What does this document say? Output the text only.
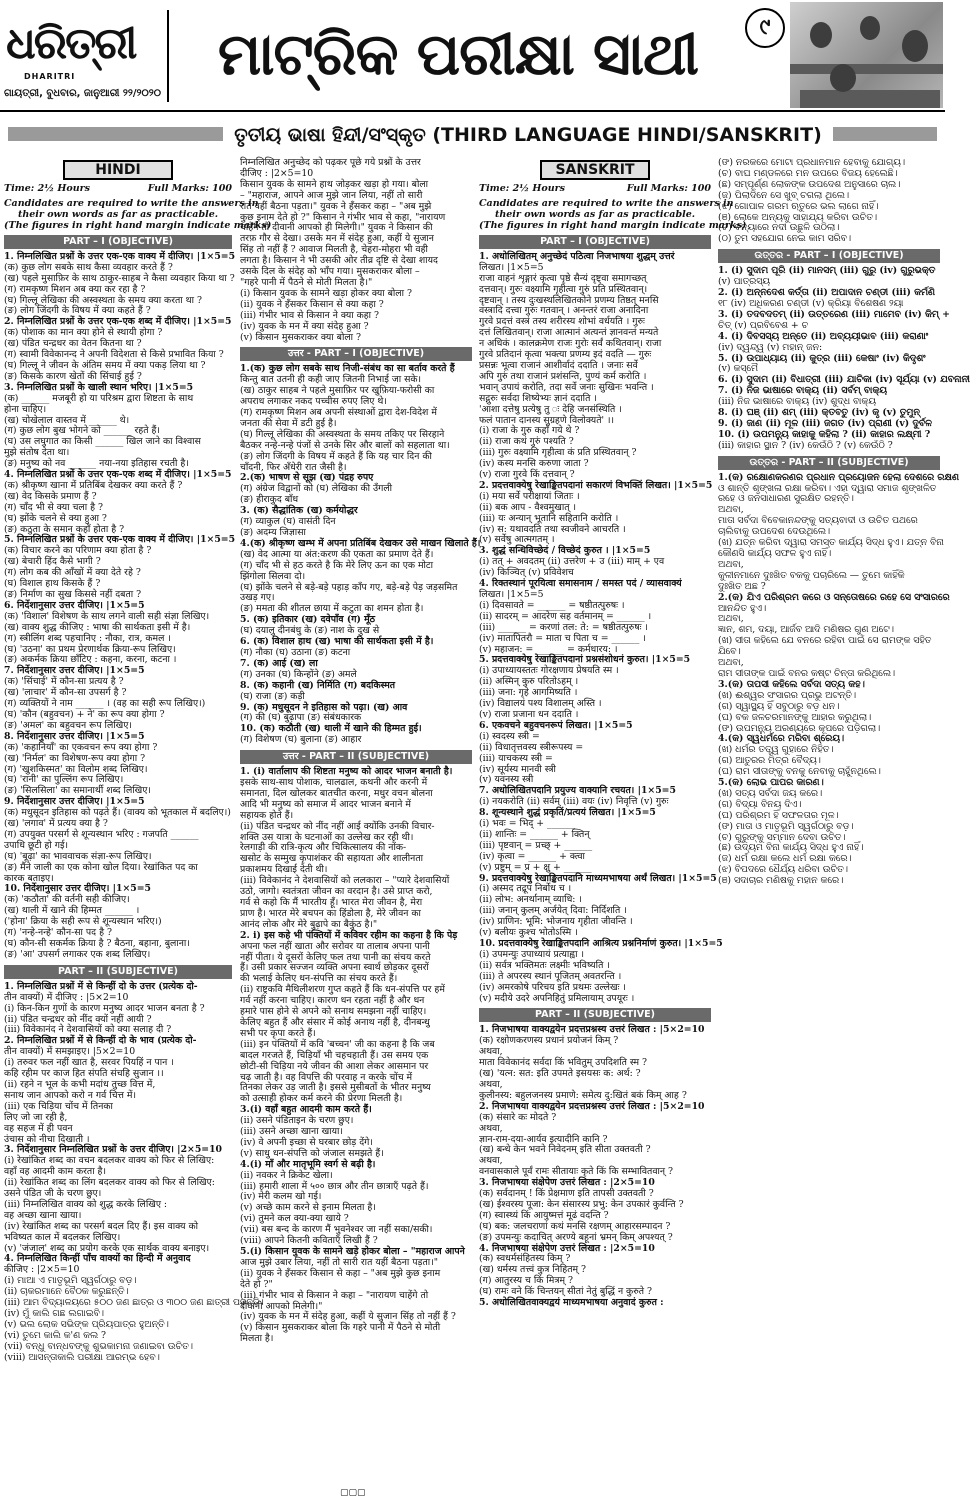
ଧରିତ୍ରୀ
DHARITRI
ଗାୟତ୍ରୀ, ବୁଧବାର, ଜାନୁଆରୀ ୨୨/୨୦୨୦
ମାଟ୍ରିକ ପରୀକ୍ଷା ସାଥୀ	୯
ତୃତୀୟ ଭାଷା ହିନ୍ଦୀ/ସଂସ୍କୃତ (THIRD LANGUAGE HINDI/SANSKRIT)
HINDI
Time: 2½ Hours	Full Marks: 100

Candidates are required to write the answers in

their own words as far as practicable.

(The figures in right hand margin indicate marks)

PART – I (OBJECTIVE)

1. निम्नलिखित प्रश्नों के उत्तर एक-एक वाक्य में दीजिए। |1×5=5

(क) कुछ लोग सबके साथ कैसा व्यवहार करते हैं ?

(ख) पहले मुसाफ़िर के साथ ठाकुर-साहब ने कैसा व्यवहार किया था ?

(ग) रामकृष्ण मिशन अब क्या कर रहा है ?

(घ) गिल्लू लेखिका की अस्वस्थता के समय क्या करता था ?

(ङ) लोग जिंदगी के विषय में क्या कहते हैं ?

2. निम्नलिखित प्रश्नों के उत्तर एक-एक शब्द में दीजिए। |1×5=5

(क) पोशाक का मान क्या होने से स्थायी होगा ?

(ख) पंडित चन्द्रधर का वेतन कितना था ?

(ग) स्वामी विवेकानन्द ने अपनी विदेशता से किसे प्रभावित किया ?

(घ) गिल्लू ने जीवन के अंतिम समय में क्या पकड़ लिया था ?

(ङ) किसके कारण खेतों की सिंचाई हुई ?

3. निम्नलिखित प्रश्नों के खाली स्थान भरिए। |1×5=5

(क) ______ मजबूरी हो या परिश्रम द्वारा शिष्टता के साथ

होना चाहिए।

(ख) चोखेलाल वास्तव में ______ थे।

(ग) कुछ लोग बुख भोगने को ______ रहते हैं।

(घ) उस लघुगात का किसी ______ खिल जाने का विश्वास

मुझे संतोष देता था।

(ङ) मनुष्य को नव ______ नया-नया इतिहास रचती है।

4. निम्नलिखित प्रश्नों के उत्तर एक-एक शब्द में दीजिए। |1×5=5

(क) श्रीकृष्ण खाना में प्रतिबिंब देखकर क्या करते हैं ?

(ख) वेद किसके प्रमाण हैं ?

(ग) चाँद भी से क्या चला है ?

(घ) झोंके चलने से क्या हुआ ?

(ङ) कठुता के समान कहाँ होता है ?

5. निम्नलिखित प्रश्नों के उत्तर एक-एक वाक्य में दीजिए। |1×5=5

(क) विचार करने का परिणाम क्या होता है ?

(ख) बेचारी हिंद कैसे भागी ?

(ग) लोग कब की आँखों में क्या देते रहे ?

(घ) विशाल हाथ किसके हैं ?

(ङ) निर्माण का सुख किससे नहीं दबता ?

6. निर्देशानुसार उत्तर दीजिए। |1×5=5

(क) 'विशाल' विशेषण के साथ लगने वाली सही संज्ञा लिखिए।

(ख) वाक्य शुद्ध कीजिए : भाषा की सार्थकता इसी में है।

(ग) स्त्रीलिंग शब्द पहचानिए : नौका, रात्र, कमल ।

(घ) 'उठना' का प्रथम प्रेरणार्थक क्रिया-रूप लिखिए।

(ङ) अकर्मक क्रिया छाँटिए : कहना, करना, कटना ।

7. निर्देशानुसार उत्तर दीजिए। |1×5=5

(क) 'सिंचाई' में कौन-सा प्रत्यय है ?

(ख) 'लाचार' में कौन-सा उपसर्ग है ?

(ग) व्यक्तियों ने नाम ______ । (वह का सही रूप लिखिए।)

(घ) 'कौन (बहुवचन) + ने' का रूप क्या होगा ?

(ङ) 'अमल' का बहुवचन रूप लिखिए।

8. निर्देशानुसार उत्तर दीजिए। |1×5=5

(क) 'कहानियाँ' का एकवचन रूप क्या होगा ?

(ख) 'निर्मल' का विशेषण-रूप क्या होगा ?

(ग) 'खुशकिस्मत' का विलोम शब्द लिखिए।

(घ) 'रानी' का पुल्लिंग रूप लिखिए।

(ङ) 'सिलसिला' का समानार्थी शब्द लिखिए।

9. निर्देशानुसार उत्तर दीजिए। |1×5=5

(क) मधुसूदन इतिहास को पढ़ते हैं। (वाक्य को भूतकाल में बदलिए।)

(ख) 'लगाव' में प्रत्यय क्या है ?

(ग) उपयुक्त परसर्ग से शून्यस्थान भरिए : गजपति ______

उपाधि छूटी हो गई।

(घ) 'बूढ़ा' का भाववाचक संज्ञा-रूप लिखिए।

(ङ) मैंने जाली का एक कोना खोल दिया। रेखांकित पद का

कारक बताइए।

10. निर्देशानुसार उत्तर दीजिए। |1×5=5

(क) 'कठौता' की वर्तनी सही कीजिए।

(ख) थाली में खाने की हिम्मत ______ ।

('होना' क्रिया के सही रूप से शून्यस्थान भरिए।)

(ग) 'नन्हे-नन्हे' कौन-सा पद है ?

(घ) कौन-सी सकर्मक क्रिया है ? बैठना, बहाना, बुलाना।

(ङ) 'आ' उपसर्ग लगाकर एक शब्द लिखिए।

PART – II (SUBJECTIVE)

1. निम्नलिखित प्रश्नों में से किन्हीं दो के उत्तर (प्रत्येक दो-

तीन वाक्यों) में दीजिए : |5×2=10

(i) किन-किन गुणों के कारण मनुष्य आदर भाजन बनता है ?

(ii) पंडित चन्द्रधर को नींद क्यों नहीं आयी ?

(iii) विवेकानंद ने देशवासियों को क्या सलाह दी ?

2. निम्नलिखित प्रश्नों में से किन्हीं दो के भाव (प्रत्येक दो-

तीन वाक्यों) में समझाइए। |5×2=10

(i) तरुवर फल नहीं खात है, सरवर पियहिं न पान ।

कहि रहीम पर काज हित संपति संचहि सुजान ।।

(ii) रहने न भूल के कभी मदांध तुच्छ वित्त में,

सनाथ जान आपको करो न गर्व चित्त में।

(iii) एक चिड़िया चोंच में तिनका

लिए जो जा रही है,

वह सहज में ही पवन

उंचास को नीचा दिखाती ।

3. निर्देशानुसार निम्नलिखित प्रश्नों के उत्तर दीजिए। |2×5=10

(i) रेखांकित शब्द का वचन बदलकर वाक्य को फिर से लिखिए:

वहाँ वह आदमी काम करता है।

(ii) रेखांकित शब्द का लिंग बदलकर वाक्य को फिर से लिखिए:

उसने पंडित जी के चरण छुए।

(iii) निम्नलिखित वाक्य को शुद्ध करके लिखिए :

वह अच्छा खाना खाया।

(iv) रेखांकित शब्द का परसर्ग बदल दिए हैं। इस वाक्य को

भविष्यत काल में बदलकर लिखिए।

(v) 'जंजाल' शब्द का प्रयोग करके एक सार्थक वाक्य बनाइए।

4. निम्नलिखित किन्हीं पाँच वाक्यों का हिन्दी में अनुवाद

कीजिए : |2×5=10

(i) ମାଆ ଏ ମାତୃଭୂମି ସ୍ୱର୍ଗଠାରୁ ବଡ଼।

(ii) ଚାକରମାନେ ବୈଠକ କରୁଛନ୍ତି।

(iii) ଆମ ବିଦ୍ୟାଳୟରେ ୫୦୦ ଜଣ ଛାତ୍ର ଓ ୩୦୦ ଜଣ ଛାତ୍ରୀ ପଢ଼ନ୍ତି।

(iv) ମୁଁ କାଲି ଗଛ ଲଗାଇବି।

(v) ଭଲ ଲୋକ ସଭିଙ୍କ ପ୍ରିୟପାତ୍ର ହୁଅନ୍ତି।

(vi) ତୁମେ କାଲି କ'ଣ କଲ ?

(vii) ବନ୍ଧୁ ବାନ୍ଧବଙ୍କୁ ଶୁଭକାମନା ଜଣାଇବା ଉଚିତ।

(viii) ଆସନ୍ତାକାଲି ପରୀକ୍ଷା ଆରମ୍ଭ ହେବ।

निम्नलिखित अनुच्छेद को पढ़कर पूछे गये प्रश्नों के उत्तर

दीजिए : |2×5=10

किसान युवक के सामने हाथ जोड़कर खड़ा हो गया। बोला

– "महाराज, आपने आज मुझे जान लिया, नहीं तो सारी

रात यहीं बैठना पड़ता।" युवक ने हँसकर कहा – "अब मुझे

कुछ इनाम देते हो ?" किसान ने गंभीर भाव से कहा, "नारायण

चाहेंगे तो दीवानी आपको ही मिलेगी।" युवक ने किसान की

तरफ़ गौर से देखा। उसके मन में संदेह हुआ, कहीं ये सुजान

सिंह तो नहीं हैं ? आवाज मिलती है, चेहरा-मोहरा भी वही

लगता है। किसान ने भी उसकी ओर तीव्र दृष्टि से देखा शायद

उसके दिल के संदेह को भाँप गया। मुसकराकर बोला –

"गहरे पानी में पैठने से मोती मिलता है।"

(i) किसान युवक के सामने खड़ा होकर क्या बोला ?

(ii) युवक ने हँसकर किसान से क्या कहा ?

(iii) गंभीर भाव से किसान ने क्या कहा ?

(iv) युवक के मन में क्या संदेह हुआ ?

(v) किसान मुसकराकर क्या बोला ?

उत्तर - PART – I (OBJECTIVE)

1.(क) कुछ लोग सबके साथ निजी-संबंध का सा बर्ताव करते हैं

किन्तु बात उतनी ही कही जाए जितनी निभाई जा सके।

(ख) ठाकुर साहब ने पहले मुसाफ़िर पर खुफ़िया-फरोसी का

अपराध लगाकर नकद पच्चीस रुपए लिए थे।

(ग) रामकृष्ण मिशन अब अपनी संस्थाओं द्वारा देश-विदेश में

जनता की सेवा में डटी हुई है।

(घ) गिल्लू लेखिका की अस्वस्थता के समय तकिए पर सिरहाने

बैठकर नन्हे-नन्हे पंजों से उनके सिर और बालों को सहलाता था।

(ङ) लोग जिंदगी के विषय में कहते हैं कि यह चार दिन की

चाँदनी, फिर अँधेरी रात जैसी है।

2.(क) भाषण से सूझ (ख) पंद्रह रुपए

(ग) अंग्रेज विद्वानों को (घ) लेखिका की उँगली

(ङ) हीराकुद बाँध

3. (क) सैद्धांतिक (ख) कर्मयोद्धर

(ग) व्याकुल (घ) वासंती दिन

(ङ) अदम्य जिज्ञासा

4.(क) श्रीकृष्ण खम्भ में अपना प्रतिबिंब देखकर उसे माखन खिलाते हैं।

(ख) वेद आत्मा या अंत:करण की एकता का प्रमाण देते हैं।

(ग) चाँद भी से हठ करते है कि मेरे लिए ऊन का एक मोटा

झिंगोला सिलवा दो।

(घ) झोंके चलने से बड़े-बड़े पहाड़ काँप गए, बड़े-बड़े पेड़ जड़समित

उखड़ गए।

(ङ) ममता की शीतल छाया में कटुता का शमन होता है।

5. (क) इतिकार (ख) दवेपाँव (ग) मूँठ

(घ) दयालु दीनबंधु के (ङ) नाश के दुख से

6. (क) विशाल हाथ (ख) भाषा की सार्थकता इसी में है।

(ग) नौका (घ) उठाना (ङ) कटना

7. (क) आई (ख) ला

(ग) उनका (घ) किन्होंने (ङ) अमले

8. (क) कहानी (ख) निर्मिति (ग) बदकिस्मत

(घ) राजा (ङ) कड़ी

9. (क) मधुसूदन ने इतिहास को पढ़ा। (ख) आव

(ग) की (घ) बुढ़ापा (ङ) संबंधकारक

10. (क) कठौती (ख) थाली में खाने की हिम्मत हुई।

(ग) विशेषण (घ) बुलाना (ङ) आहार

उत्तर - PART – II (SUBJECTIVE)

1. (i) वार्तालाप की शिष्टता मनुष्य को आदर भाजन बनाती है।

इसके साथ-साथ पोशाक, चालढाल, कथनी और करनी में

समानता, दिल खोलकर बातचीत करना, मधुर वचन बोलना

आदि भी मनुष्य को समाज में आदर भाजन बनाने में

सहायक होते हैं।

(ii) पंडित चन्द्रधर को नींद नहीं आई क्योंकि उनकी विचार-

शक्ति उस यात्रा के घटनाओं का उल्लेख कर रही थी।

रेलगाड़ी की रात्रि-कृत्य और चिकित्सालय की नोंक-

खसोट के सम्मुख कृपाशंकर की सहायता और शालीनता

प्रकाशमय दिखाई देती थी।

(iii) विवेकानंद ने देशवासियों को ललकारा – "प्यारे देशवासियों

उठो, जागो। स्वतंत्रता जीवन का वरदान है। उसे प्राप्त करो,

गर्व से कहो कि मैं भारतीय हूँ। भारत मेरा जीवन है, मेरा

प्राण है। भारत मेरे बचपन का हिंडोला है, मेरे जीवन का

आनंद लोक और मेरे बुढ़ापे का बैकुंठ है।"

2. i) इस कहे भी पंक्तियों में कविवर रहीम का कहना है कि पेड़

अपना फल नहीं खाता और सरोवर या तालाब अपना पानी

नहीं पीता। ये दूसरों केलिए फल तथा पानी का संचय करते

हैं। उसी प्रकार सज्जन व्यक्ति अपना स्वार्थ छोड़कर दूसरों

की भलाई केलिए धन-संपत्ति का संचय करते हैं।

(ii) राष्ट्रकवि मैथिलीशरण गुप्त कहते हैं कि धन-संपत्ति पर हमें

गर्व नहीं करना चाहिए। कारण धन रहता नहीं है और धन

हमारे पास होने से अपने को सनाथ समझना नहीं चाहिए।

केलिए बहुत हैं और संसार में कोई अनाथ नहीं है, दीनबन्धु

सभी पर कृपा करते हैं।

(iii) इन पंक्तियों में कवि 'बच्चन' जी का कहना है कि जब

बादल गरजते हैं, चिड़ियाँ भी चहचहाती हैं। उस समय एक

छोटी-सी चिड़िया नये जीवन की आशा लेकर आसमान पर

चढ़ जाती है। वह विपत्ति की परवाह न करके चोंच में

तिनका लेकर उड़ जाती है। इससे मुसीबतों के भीतर मनुष्य

को उत्साही होकर कर्म करने की प्रेरणा मिलती है।

3.(i) वहाँ बहुत आदमी काम करते हैं।

(ii) उसने पंडिताइन के चरण छुए।

(iii) उसने अच्छा खाना खाया।

(iv) वे अपनी इच्छा से घरबार छोड़ देंगे।

(v) साधु धन-संपत्ति को जंजाल समझते हैं।

4.(i) माँ और मातृभूमि स्वर्ग से बढ़ी है।

(ii) नवकर ने क्रिकेट खेला।

(iii) हमारी शाला में ५०० छात्र और तीन छात्राएँ पढ़ते हैं।

(iv) मेरी कलम खो गई।

(v) अच्छे काम करने से इनाम मिलता है।

(vi) तुमने कल क्या-क्या खाये ?

(vii) बस बन्द के कारण मैं भुवनेश्वर जा नहीं सका/सकी।

(viii) आपने कितनी कविताएँ लिखी हैं ?

5.(i) किसान युवक के सामने खड़े होकर बोला – "महाराज आपने

आज मुझे उबार लिया, नहीं तो सारी रात यहीं बैठना पड़ता।"

(ii) युवक ने हँसकर किसान से कहा – "अब मुझे कुछ इनाम

देते हो ?"

(iii) गंभीर भाव से किसान ने कहा – "नारायण चाहेंगे तो

दीवानी आपको मिलेगी।"

(iv) युवक के मन में संदेह हुआ, कहीं ये सुजान सिंह तो नहीं हैं ?

(v) किसान मुसकराकर बोला कि गहरे पानी में पैठने से मोती

मिलता है।

SANSKRIT
Time: 2½ Hours	Full Marks: 100

Candidates are required to write the answers in

their own words as far as practicable.

(The figures in right hand margin indicate marks)

PART – I (OBJECTIVE)

1. अधोलिखितम् अनुच्छेदं पठित्वा निजभाषया शुद्धम् उत्तरं

लिखत। |1×5=5

राजा वाहनं शृङ्गारं कृत्वा पृष्ठे सैन्यं दृष्ट्वा समागच्छत्

दत्तवान्। गुरुः वक्ष्यामि गृहीत्वा गुरुं प्रति प्रस्थितवान्।

दृष्टवान् । तस्य दुःखस्थलिखितकोने प्रणम्य तिष्ठत् मनसि

वस्त्रादि दत्त्वा गुरुः गतवान् । अनन्तरं राजा अनादिना

गुरवे प्रदत्तं वस्त्रं तस्य शरीरस्य शोभां वर्धयति । गुरुः

दत्तं लिखितवान्। राजा आत्मानं अत्यन्तं ज्ञानवन्तं मन्यते

न अधिकं । कालक्रमेण राजः गुरोः सर्वं कथितवान्। राजा

गुरवे प्रतिदानं कृत्वा भक्त्या प्रणम्य इदं वदति — गुरुः

प्रसन्नः भूत्वा राजानं आशीर्वादं ददाति । जनाः सर्वे

अपि गुरुं तथा राजानं प्रशंसन्ति, पुण्यं कर्म करोति ।

भवान् उपायं करोति, तदा सर्वे जनाः सुखिनः भवन्ति ।

सद्गुरुः सर्वदा शिष्येभ्यः ज्ञानं ददाति ।

'आशा दत्तेषु प्रत्येषु तु ः देहि जनसंस्थिति ।

फलं पातान दानस्य सुग्रहणे विलोक्यते' ।।

(i) राजा के गुरु कहाँ गये थे ?

(ii) राजा कथं गुरुं पश्यति ?

(iii) गुरुः वक्ष्यामि गृहीत्वा कं प्रति प्रस्थितवान् ?

(iv) कस्य मनसि करुणा जाता ?

(v) राजा गुरवे किं दत्तवान् ?

2. प्रदत्तवाक्येषु रेखाङ्कितपदानां सकारणं विभक्तिं लिखत। |1×5=5

(i) मया सर्वे परीक्षायां जिताः ।

(ii) बक आप - वैश्वमुखात् ।

(iii) यः अन्यान् भूतानि सहितानि करोति ।

(iv) स: यथावदति तथा स्वजीवने आचरति ।

(v) सर्वेषु आत्मगतम् ।

3. शुद्धं सन्धिविच्छेदं / विच्छेदं कुरुत । |1×5=5

(i) तत् + अवदतम् (ii) उत्तरेण + उ (iii) माम् + एव

(iv) किञ्चित् (v) प्रविवेशच

4. रिक्तस्थानं पूरयित्वा समासनाम / समस्त पदं / व्यासवाक्यं

लिखत। |1×5=5

(i) दिवसावते = ______ = षष्ठीतत्पुरुषः ।

(ii) सादरम् = आदरेण सह वर्तमानम् = ______ ।

(iii) ______ = करणां तल: ते: = षष्ठीतत्पुरुषः ।

(iv) मातापितरौ = माता च पिता च = ______ ।

(v) महाजन: = ______ = कर्मधारय: ।

5. प्रदत्तवाक्येषु रेखाङ्कितपदानां प्रश्नसंशोधनं कुरुत। |1×5=5

(i) उपाध्यायस्ततः गोरक्षणाय प्रेषयति स्म ।

(ii) अस्मिन् कुरु परितोऽहम् ।

(iii) जना: गृहे आगमिष्यति ।

(iv) विद्यालयं पश्य विशालम् अस्ति ।

(v) राजा प्रजाना धन ददाति ।

6. एकवचने बहुवचनरूपं लिखत। |1×5=5

(i) स्वदस्य स्त्री =

(ii) विधातृत्तवस्य स्त्रीरूपस्य =

(iii) याचकस्य स्त्री =

(iv) सूर्यस्य मानवी स्त्री

(v) यवनस्य स्त्री

7. अधोलिखितपदानि प्रयुज्य वाक्यानि रचयत। |1×5=5

(i) नयकरोति (ii) सर्वम् (iii) वयः (iv) निवृत्ति (v) गुरुः

8. शून्यस्थाने शुद्धं प्रकृतिं/प्रत्ययं लिखत। |1×5=5

(i) भवः = भिद् + ______

(ii) शान्तिः = ______ + क्तिन्

(iii) पृष्टवान् = प्रच्छ् + ______

(iv) कृत्वा = ______ + क्त्वा

(v) प्रष्टुम् = प्र + क्षु + ______

9. प्रदत्तवाक्येषु रेखाङ्कितपदानि माध्यमभाषया अर्थं लिखत। |1×5=5

(i) अस्मद तद्रूप निर्बोध च ।

(ii) लोभ: अनर्थानाम् व्याधि: ।

(iii) जनान् कुलम् अर्जयेत् दिवा: निर्दिशति ।

(iv) प्राणिन: भूमि: भोजनाय गृहीता जीवन्ति ।

(v) बलीयः कुश्च भोतोऽस्मि ।

10. प्रदत्तवाक्येषु रेखाङ्कितपदानि आश्रित्य प्रश्ननिर्माणं कुरुत। |1×5=5

(i) उपमन्युः उपाध्यायं प्रत्याह्वा ।

(ii) सर्वत्र भक्तिमतः लक्ष्मीः भविष्यति ।

(iii) ते अपरस्य स्थानं पूजितम् अवतरन्ति ।

(iv) अमरकोषे परिचय इति प्रथमः उल्लेखः ।

(v) मदीये उदरे अपनिहितुं प्रमिलायाम् उपयूरः ।

PART – II (SUBJECTIVE)

1. निजभाषया वाक्यद्वयेन प्रदत्तप्रश्नस्य उत्तरं लिखत : |5×2=10

(क) रक्षोणकरणस्य प्रधानं प्रयोजनं किम् ?

अथवा,

माता विवेकानंद सर्वदा किं भवितुम् उपदिशति स्म ?

(ख) 'यत्न: सत: इति उपमते इसयसः क: अर्थ: ?

अथवा,

कुलीनस्य: बहुलजनस्य प्रमाणे: समेत्य दु:खितं बकं किम् आह ?

2. निजभाषया वाक्यद्वयेन प्रदत्तप्रश्नस्य उत्तरं लिखत : |5×2=10

(क) संसारे कः मोदते ?

अथवा,

ज्ञान-राम-दया-आर्यव इत्यादीनि कानि ?

(ख) बन्धे केन भवने निवेदनम् इति सीता उक्तवती ?

अथवा,

वनवासकाले पूर्वं रामः सीतायाः कृते किं कि सम्भावितवान् ?

3. निजभाषया संक्षेपेण उत्तरं लिखत : |2×5=10

(क) सर्वदानम् ! किं प्रेक्षमाण इति तापसी उक्तवती ?

(ख) ईश्वरस्य पूजा: केन संसारस्य प्रभु: केन उपकारं कुर्वन्ति ?

(ग) स्वास्थ्यं किं आयुष्मत्तं मूढं वदन्ति ?

(घ) बक: जलचराणां कथं मनसि रक्षणम् आहारसम्पादन ?

(ङ) उपमन्युः कदाचित् अरण्ये बहूनां भ्रमन् किम् अपश्यत् ?

4. निजभाषया संक्षेपेण उत्तरं लिखत : |2×5=10

(क) स्वधर्मसंहितस्य किम् ?

(ख) धर्मस्य तत्त्वं कुत्र निहितम् ?

(ग) आतुरस्य च किं मित्रम् ?

(घ) रामः वने किं चिन्तयन् सीतां नेतुं बुद्धिं न कुरुते ?

5. अधोलिखितवाक्यद्वयं माध्यमभाषया अनुवादं कुरुत :

(ଙ) ନରକରେ ମୋଟା ପ୍ରଧାନମାନ ହେବାକୁ ଯୋଗ୍ୟ।

(ଚ) ବାଘ ମଣ୍ଡଳରେ ମନ ଉପରେ ବିଜୟ ହେଲେଛି।

(ଛ) ସମ୍ପୂର୍ଣ୍ଣ ଲୋକଙ୍କ ଉପଦେଶ ଅନୁସାରେ ଚାଲ।

(ଜ) ପିଲାଦିନେ ସେ ଖୁବ୍ ଚଗଲା ଥିଲେ।

(ଝ) ଗୋପାଳ ଗରମ ଋତୁରେ ଭଲ ଲାଗେ ନାହିଁ।

(ଞ) ଲୋକେ ଅନ୍ୟକୁ ସାହାଯ୍ୟ କରିବା ଉଚିତ।

(ଟ) ବନ୍ୟାରେ ନଦୀ ଉଛୁଳି ଉଠିଲା।

(ଠ) ତୁମ ସହଯୋଗ ନେଇ କାମ ସରିବ।

ଉତ୍ତର - PART – I (OBJECTIVE)

1. (i) ସୁଦାମ ପୂରି (ii) ମାନସମ୍ (iii) ଗୁରୁ (iv) ଗୁରୁଭକ୍ତ

(v) ପାତ୍ରସ୍ୟ

2. (i) ଅନ୍ନଦେଶ କର୍ତ୍ତା (ii) ଅପାଦାନ ଚଣ୍ଡୀ (iii) କର୍ମଣି

୧୮ (iv) ଅଧିକରଣ ଚଣ୍ଡୀ (v) କ୍ରିୟା ବିଶେଷଣ ୨ୟା

3. (i) ତଦବଦତମ୍ (ii) ଉତ୍ତରେଣ (iii) ମାମେବ (iv) କିମ୍ +

ଚିତ୍ (v) ପ୍ରବିବେଶ + ଚ

4. (i) ଦିବସସ୍ୟ ଅନ୍ତେ (ii) ଅବ୍ୟୟୀଭାବ (iii) କରାଣାଂ

(iv) ଦ୍ୱନ୍ଦ୍ୱ (v) ମହାନ୍ ଜନ:

5. (i) ଉପାଧ୍ୟାୟ (ii) କୁତ୍ର (iii) କେଷାଂ (iv) କିଦୃଶଂ

(v) କସ୍ମୈ

6. (i) ସୁଦାମ (ii) ବିଧାତ୍ରୀ (iii) ଯାଚିକା (iv) ସୂର୍ଯ୍ୟା (v) ଯବନାନୀ

7. (i) ନିଜ ଭାଷାରେ ବାକ୍ୟ (ii) ସର୍ବମ୍ ବାକ୍ୟ

(iii) ନିଜ ଭାଷାରେ ବାକ୍ୟ (iv) ଶୁଦ୍ଧ ବାକ୍ୟ

8. (i) ଘଞ୍ (ii) ଶମ୍ (iii) କ୍ତବତୁ (iv) କୃ (v) ତୁମୁନ୍

9. (i) ଜାଣ (ii) ମୂଳ (iii) ଜଗତ (iv) ପ୍ରାଣୀ (v) ଦୁର୍ବଳ

10. (i) ଉପମନ୍ୟୁ କାହାକୁ କହିଲା ? (ii) କାହାର ଲକ୍ଷ୍ମୀ ?

(iii) କାହାର ସ୍ଥାନ ? (iv) କେଉଁଠି ? (v) କେଉଁଠି ?

ଉତ୍ତର - PART – II (SUBJECTIVE)

1.(କ) ରକ୍ଷୋଣକରଣର ପ୍ରଧାନ ପ୍ରୟୋଜନ ହେଲା ଦେଶରେ ରକ୍ଷଣ

ଓ ଶାନ୍ତି ଶୃଙ୍ଖଳା ରକ୍ଷା କରିବା। ଏହା ଦ୍ୱାରା ସମାଜ ଶୃଙ୍ଖଳିତ

ରହେ ଓ ଜନସାଧାରଣ ସୁରକ୍ଷିତ ରହନ୍ତି।

ଅଥବା,

ମାତା ସର୍ବଦା ବିବେକାନନ୍ଦଙ୍କୁ ସତ୍ୟବାଦୀ ଓ ଉଚିତ ପଥରେ

ଚାଲିବାକୁ ଉପଦେଶ ଦେଉଥିଲେ।

(ଖ) ଯତ୍ନ କରିବା ଦ୍ୱାରା ସମସ୍ତ କାର୍ଯ୍ୟ ସିଦ୍ଧ ହୁଏ। ଯତ୍ନ ବିନା

କୌଣସି କାର୍ଯ୍ୟ ସଫଳ ହୁଏ ନାହିଁ।

ଅଥବା,

କୁଳୀନମାନେ ଦୁଃଖିତ ବକକୁ ପଚାରିଲେ — ତୁମେ କାହିଁକି

ଦୁଃଖିତ ଅଛ ?

2.(କ) ଯିଏ ପରିଶ୍ରମ କରେ ଓ ସନ୍ତୋଷରେ ରହେ ସେ ସଂସାରରେ

ଆନନ୍ଦିତ ହୁଏ।

ଅଥବା,

ଜ୍ଞାନ, ଶମ, ଦୟା, ଆର୍ଜବ ଆଦି ମଣିଷର ଗୁଣ ଅଟେ।

(ଖ) ସୀତା କହିଲେ ଯେ ବନରେ ରହିବା ପାଇଁ ସେ ରାମଙ୍କ ସହିତ

ଯିବେ।

ଅଥବା,

ରାମ ସୀତାଙ୍କ ପାଇଁ ବନର କଷ୍ଟ ଚିନ୍ତା କରିଥିଲେ।

3.(କ) ତାପସୀ କହିଲେ ସର୍ବଦା ସତ୍ୟ କହ।

(ଖ) ଈଶ୍ୱର ସଂସାରର ପ୍ରଭୁ ଅଟନ୍ତି।

(ଗ) ସ୍ୱାସ୍ଥ୍ୟ ହିଁ ସବୁଠାରୁ ବଡ଼ ଧନ।

(ଘ) ବକ ଜଳଚରମାନଙ୍କୁ ଆହାର କରୁଥିଲା।

(ଙ) ଉପମନ୍ୟୁ ଅରଣ୍ୟରେ କୂପରେ ପଡ଼ିଗଲା।

4.(କ) ସ୍ୱଧର୍ମରେ ମରିବା ଶ୍ରେୟ।

(ଖ) ଧର୍ମର ତତ୍ତ୍ୱ ଗୁହାରେ ନିହିତ।

(ଗ) ଆତୁରର ମିତ୍ର ବୈଦ୍ୟ।

(ଘ) ରାମ ସୀତାଙ୍କୁ ବନକୁ ନେବାକୁ ଚାହୁଁନଥିଲେ।

5.(କ) ଲୋଭ ପାପର କାରଣ।

(ଖ) ସତ୍ୟ ସର୍ବଦା ଜୟ କରେ।

(ଗ) ବିଦ୍ୟା ବିନୟ ଦିଏ।

(ଘ) ପରିଶ୍ରମ ହିଁ ସଫଳତାର ମୂଳ।

(ଙ) ମାତା ଓ ମାତୃଭୂମି ସ୍ୱର୍ଗଠାରୁ ବଡ଼।

(ଚ) ଗୁରୁଙ୍କୁ ସମ୍ମାନ ଦେବା ଉଚିତ।

(ଛ) ଉଦ୍ୟମ ବିନା କାର୍ଯ୍ୟ ସିଦ୍ଧ ହୁଏ ନାହିଁ।

(ଜ) ଧର୍ମ ରକ୍ଷା କଲେ ଧର୍ମ ରକ୍ଷା କରେ।

(ଝ) ବିପଦରେ ଧୈର୍ଯ୍ୟ ଧରିବା ଉଚିତ।

(ଞ) ସଦାଚାର ମଣିଷକୁ ମହାନ କରେ।

▢▢▢
